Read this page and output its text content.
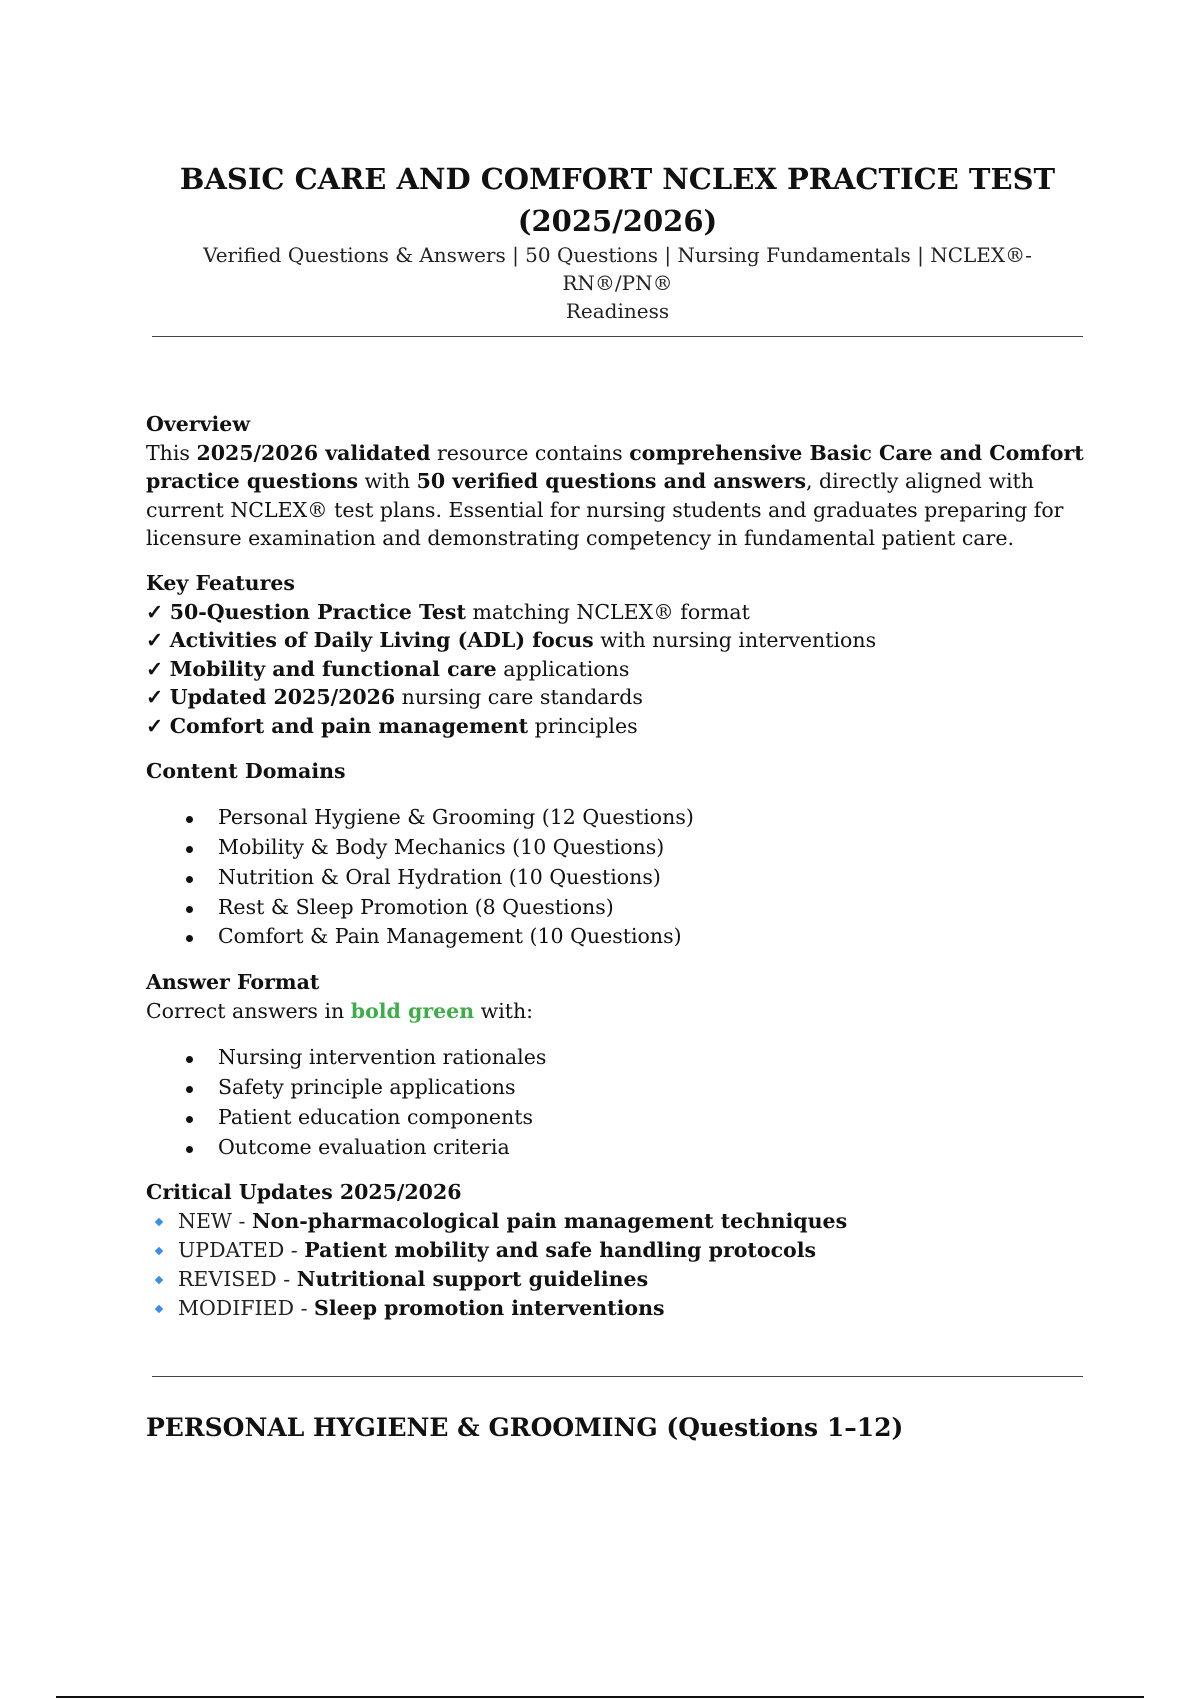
BASIC CARE AND COMFORT NCLEX PRACTICE TEST
(2025/2026)
Verified Questions & Answers | 50 Questions | Nursing Fundamentals | NCLEX®-RN®/PN®
Readiness
Overview

This 2025/2026 validated resource contains comprehensive Basic Care and Comfort practice questions with 50 verified questions and answers, directly aligned with current NCLEX® test plans. Essential for nursing students and graduates preparing for licensure examination and demonstrating competency in fundamental patient care.

Key Features
✓ 50-Question Practice Test matching NCLEX® format
✓ Activities of Daily Living (ADL) focus with nursing interventions
✓ Mobility and functional care applications
✓ Updated 2025/2026 nursing care standards
✓ Comfort and pain management principles
Content Domains
Personal Hygiene & Grooming (12 Questions)
Mobility & Body Mechanics (10 Questions)
Nutrition & Oral Hydration (10 Questions)
Rest & Sleep Promotion (8 Questions)
Comfort & Pain Management (10 Questions)
Answer Format
Correct answers in bold green with:
Nursing intervention rationales
Safety principle applications
Patient education components
Outcome evaluation criteria
Critical Updates 2025/2026
NEW - Non-pharmacological pain management techniques
UPDATED - Patient mobility and safe handling protocols
REVISED - Nutritional support guidelines
MODIFIED - Sleep promotion interventions
PERSONAL HYGIENE & GROOMING (Questions 1–12)
